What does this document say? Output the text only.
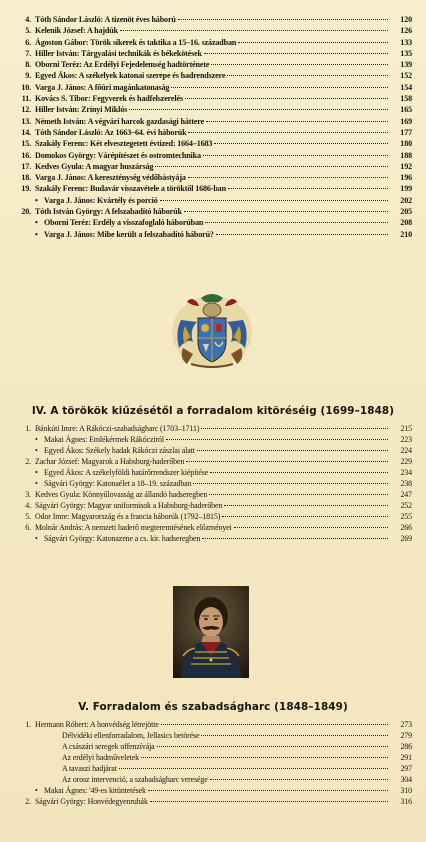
4. Tóth Sándor László: A tizenöt éves háború	120
5. Kelenik József: A hajdúk	126
6. Ágoston Gábor: Török sikerek és taktika a 15–16. században	133
7. Hiller István: Tárgyalási technikák és békekötések	135
8. Oborni Teréz: Az Erdélyi Fejedelemség hadtörténete	139
9. Egyed Ákos: A székelyek katonai szerepe és hadrendszere	152
10. Varga J. János: A főúri magánkatonaság	154
11. Kovács S. Tibor: Fegyverek és hadfelszerelés	158
12. Hiller István: Zrínyi Miklós	165
13. Németh István: A végvári harcok gazdasági háttere	169
14. Tóth Sándor László: Az 1663–64. évi háborúk	177
15. Szakály Ferenc: Két elvesztegetett évtized: 1664–1683	180
16. Domokos György: Várépítészet és ostromtechnika	188
17. Kedves Gyula: A magyar huszárság	192
18. Varga J. János: A kereszténység védőbástyája	196
19. Szakály Ferenc: Budavár visszavétele a töröktől 1686-ban	199
• Varga J. János: Kvártély és porció	202
20. Tóth István György: A felszabadító háborúk	205
• Oborni Teréz: Erdély a visszafoglaló háborúban	208
• Varga J. János: Mibe került a felszabadító háború?	210
IV. A törökök kiűzésétől a forradalom kitöréséig (1699–1848)
1. Bánkúti Imre: A Rákóczi-szabadságharc (1703–1711)	215
• Makai Ágnes: Emlékérmek Rákócziról	223
• Egyed Ákos: Székely hadak Rákóczi zászlai alatt	224
2. Zachar József: Magyarok a Habsburg-haderőben	229
• Egyed Ákos: A székelyföldi határőrrendszer kiépítése	234
• Ságvári György: Katonaélet a 18–19. században	238
3. Kedves Gyula: Könnyűlovasság az állandó hadseregben	247
4. Ságvári György: Magyar uniformisok a Habsburg-haderőben	252
5. Odor Imre: Magyarország és a francia háborúk (1792–1815)	255
6. Molnár András: A nemzeti haderő megteremtésének előzményei	266
• Ságvári György: Katonazene a cs. kir. hadseregben	269
V. Forradalom és szabadságharc (1848–1849)
1. Hermann Róbert: A honvédség létrejötte	273
Délvidéki ellenforradalom, Jellasics betörése	279
A császári seregek offenzívája	286
Az erdélyi hadműveletek	291
A tavaszi hadjárat	297
Az orosz intervenció, a szabadságharc veresége	304
• Makai Ágnes: '49-es kitüntetések	310
2. Ságvári György: Honvédegyenruhák	316
